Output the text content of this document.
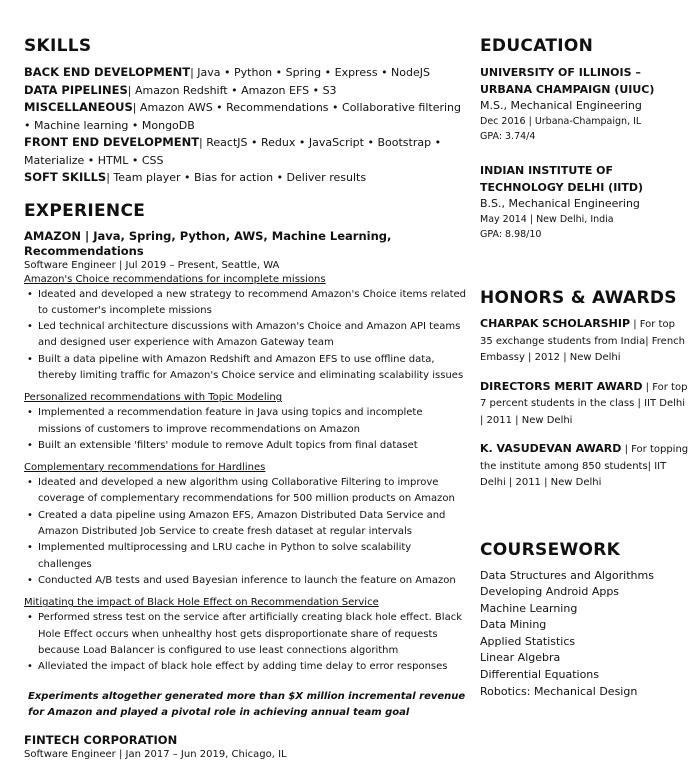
SKILLS
BACK END DEVELOPMENT| Java • Python • Spring • Express • NodeJS
DATA PIPELINES| Amazon Redshift • Amazon EFS • S3
MISCELLANEOUS| Amazon AWS • Recommendations • Collaborative filtering • Machine learning • MongoDB
FRONT END DEVELOPMENT| ReactJS • Redux • JavaScript • Bootstrap • Materialize • HTML • CSS
SOFT SKILLS| Team player • Bias for action • Deliver results
EXPERIENCE
AMAZON | Java, Spring, Python, AWS, Machine Learning, Recommendations
Software Engineer | Jul 2019 – Present, Seattle, WA
Amazon's Choice recommendations for incomplete missions
• Ideated and developed a new strategy to recommend Amazon's Choice items related to customer's incomplete missions
• Led technical architecture discussions with Amazon's Choice and Amazon API teams and designed user experience with Amazon Gateway team
• Built a data pipeline with Amazon Redshift and Amazon EFS to use offline data, thereby limiting traffic for Amazon's Choice service and eliminating scalability issues
Personalized recommendations with Topic Modeling
• Implemented a recommendation feature in Java using topics and incomplete missions of customers to improve recommendations on Amazon
• Built an extensible 'filters' module to remove Adult topics from final dataset
Complementary recommendations for Hardlines
• Ideated and developed a new algorithm using Collaborative Filtering to improve coverage of complementary recommendations for 500 million products on Amazon
• Created a data pipeline using Amazon EFS, Amazon Distributed Data Service and Amazon Distributed Job Service to create fresh dataset at regular intervals
• Implemented multiprocessing and LRU cache in Python to solve scalability challenges
• Conducted A/B tests and used Bayesian inference to launch the feature on Amazon
Mitigating the impact of Black Hole Effect on Recommendation Service
• Performed stress test on the service after artificially creating black hole effect. Black Hole Effect occurs when unhealthy host gets disproportionate share of requests because Load Balancer is configured to use least connections algorithm
• Alleviated the impact of black hole effect by adding time delay to error responses
Experiments altogether generated more than $X million incremental revenue for Amazon and played a pivotal role in achieving annual team goal
FINTECH CORPORATION
Software Engineer | Jan 2017 – Jun 2019, Chicago, IL
EDUCATION
UNIVERSITY OF ILLINOIS – URBANA CHAMPAIGN (UIUC)
M.S., Mechanical Engineering
Dec 2016 | Urbana-Champaign, IL
GPA: 3.74/4
INDIAN INSTITUTE OF TECHNOLOGY DELHI (IITD)
B.S., Mechanical Engineering
May 2014 | New Delhi, India
GPA: 8.98/10
HONORS & AWARDS
CHARPAK SCHOLARSHIP | For top 35 exchange students from India| French Embassy | 2012 | New Delhi
DIRECTORS MERIT AWARD | For top 7 percent students in the class | IIT Delhi | 2011 | New Delhi
K. VASUDEVAN AWARD | For topping the institute among 850 students| IIT Delhi | 2011 | New Delhi
COURSEWORK
Data Structures and Algorithms
Developing Android Apps
Machine Learning
Data Mining
Applied Statistics
Linear Algebra
Differential Equations
Robotics: Mechanical Design
